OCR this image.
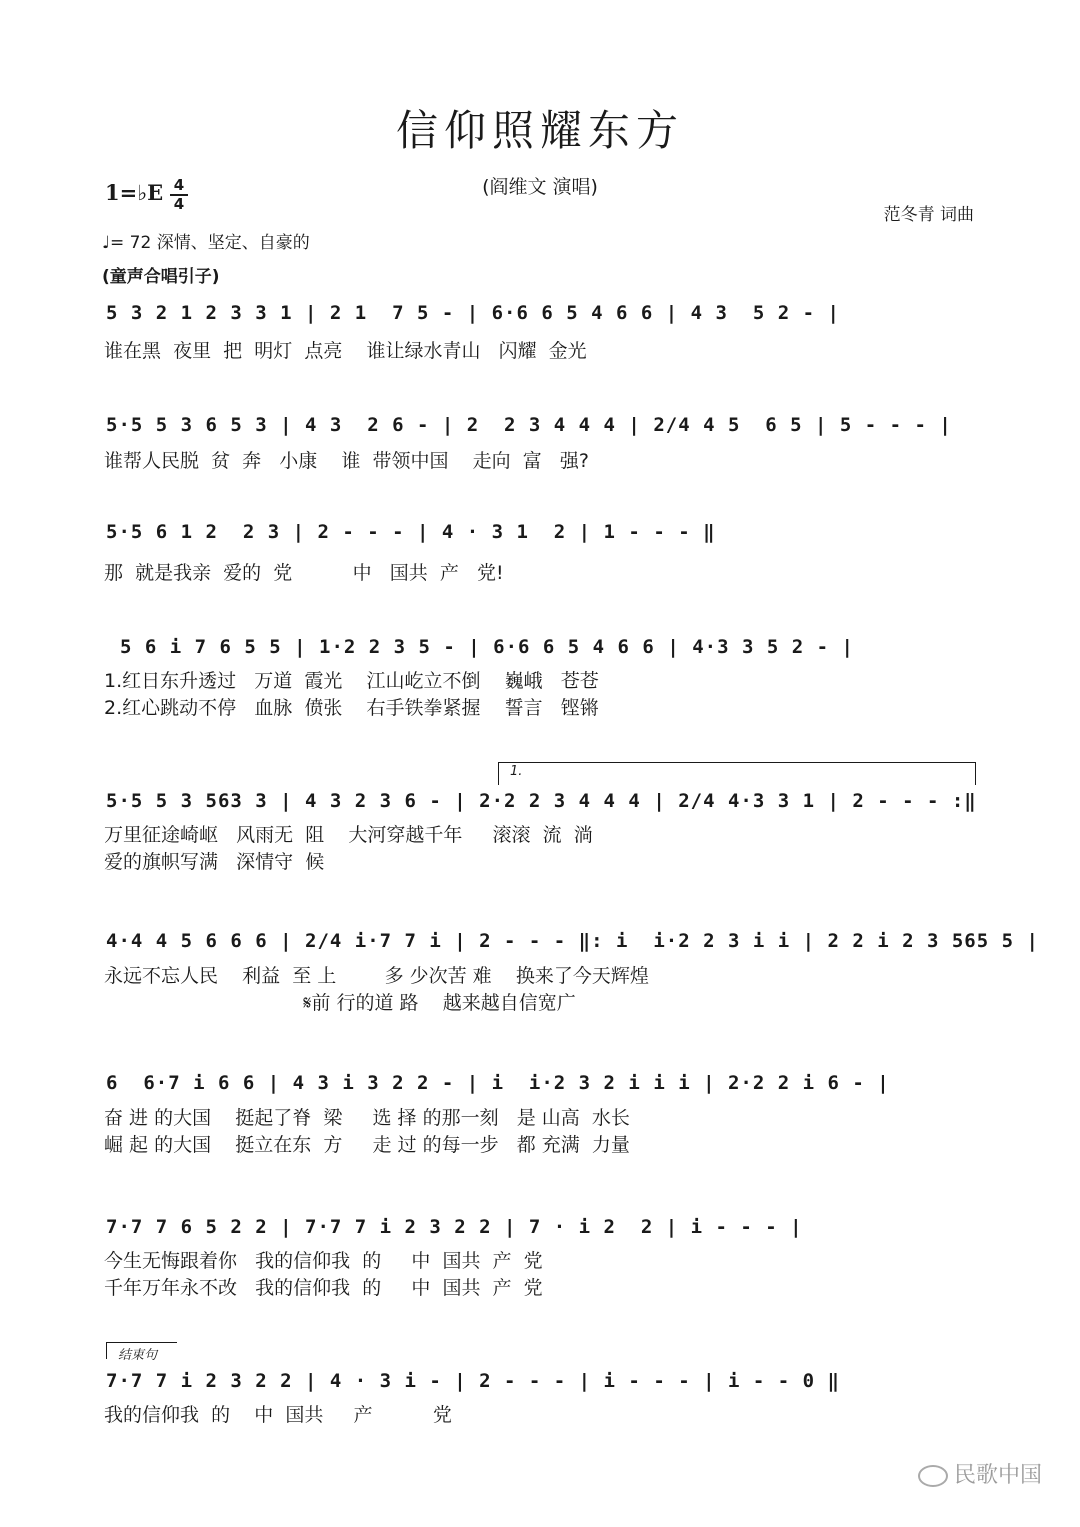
信仰照耀东方
(阎维文 演唱)
范冬青 词曲
1=♭E 4
4
♩= 72 深情、坚定、自豪的
(童声合唱引子)
5 3 2 1 2 3 3 1 | 2 1  7 5 - | 6·6 6 5 4 6 6 | 4 3  5 2 - |
谁在黑  夜里  把  明灯  点亮    谁让绿水青山   闪耀  金光
5·5 5 3 6 5 3 | 4 3  2 6 - | 2  2 3 4 4 4 | 2/4 4 5  6 5 | 5 - - - |
谁帮人民脱  贫  奔   小康    谁  带领中国    走向  富   强?
5·5 6 1 2  2 3 | 2 - - - | 4 · 3 1  2 | 1 - - - ‖
那  就是我亲  爱的  党          中   国共  产   党!
5 6 i 7 6 5 5 | 1·2 2 3 5 - | 6·6 6 5 4 6 6 | 4·3 3 5 2 - |
1.红日东升透过   万道  霞光    江山屹立不倒    巍峨   苍苍
2.红心跳动不停   血脉  偾张    右手铁拳紧握    誓言   铿锵
1.
5·5 5 3 563 3 | 4 3 2 3 6 - | 2·2 2 3 4 4 4 | 2/4 4·3 3 1 | 2 - - - :‖
万里征途崎岖   风雨无  阻    大河穿越千年     滚滚  流  淌
爱的旗帜写满   深情守  候
4·4 4 5 6 6 6 | 2/4 i·7 7 i | 2 - - - ‖: i  i·2 2 3 i i | 2 2 i 2 3 565 5 |
永远不忘人民    利益  至 上        多 少次苦 难    换来了今天辉煌
𝄋前 行的道 路    越来越自信宽广
6  6·7 i 6 6 | 4 3 i 3 2 2 - | i  i·2 3 2 i i i | 2·2 2 i 6 - |
奋 进 的大国    挺起了脊  梁     选 择 的那一刻   是 山高  水长
崛 起 的大国    挺立在东  方     走 过 的每一步   都 充满  力量
7·7 7 6 5 2 2 | 7·7 7 i 2 3 2 2 | 7 · i 2  2 | i - - - |
今生无悔跟着你   我的信仰我  的     中  国共  产  党
千年万年永不改   我的信仰我  的     中  国共  产  党
结束句
7·7 7 i 2 3 2 2 | 4 · 3 i - | 2 - - - | i - - - | i - - 0 ‖
我的信仰我  的    中  国共     产          党
民歌中国
